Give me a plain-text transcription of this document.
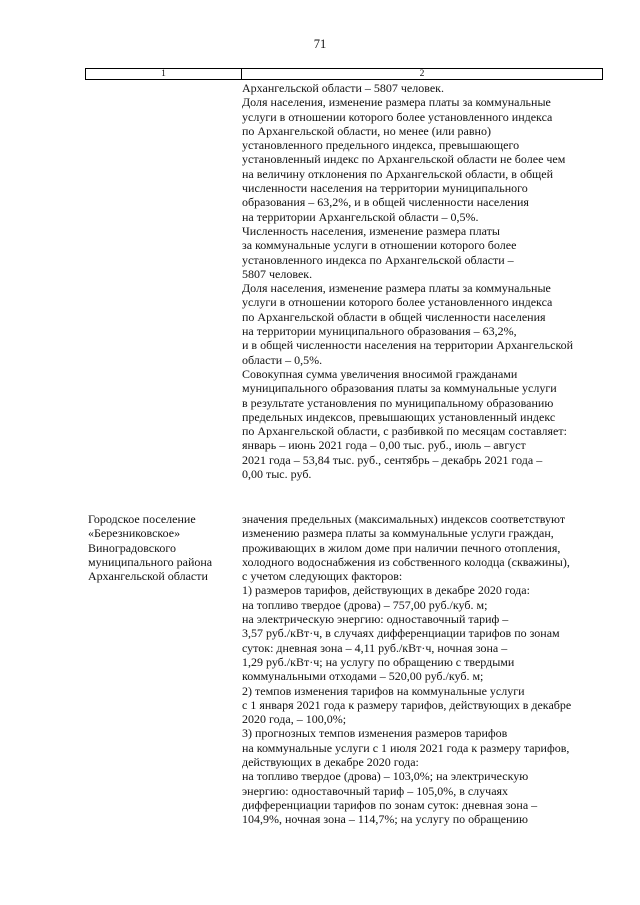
71
1	2
Архангельской области – 5807 человек.
Доля населения, изменение размера платы за коммунальные
услуги в отношении которого более установленного индекса
по Архангельской области, но менее (или равно)
установленного предельного индекса, превышающего
установленный индекс по Архангельской области не более чем
на величину отклонения по Архангельской области, в общей
численности населения на территории муниципального
образования – 63,2%, и в общей численности населения
на территории Архангельской области – 0,5%.
Численность населения, изменение размера платы
за коммунальные услуги в отношении которого более
установленного индекса по Архангельской области –
5807 человек.
Доля населения, изменение размера платы за коммунальные
услуги в отношении которого более установленного индекса
по Архангельской области в общей численности населения
на территории муниципального образования – 63,2%,
и в общей численности населения на территории Архангельской
области – 0,5%.
Совокупная сумма увеличения вносимой гражданами
муниципального образования платы за коммунальные услуги
в результате установления по муниципальному образованию
предельных индексов, превышающих установленный индекс
по Архангельской области, с разбивкой по месяцам составляет:
январь – июнь 2021 года – 0,00 тыс. руб., июль – август
2021 года – 53,84 тыс. руб., сентябрь – декабрь 2021 года –
0,00 тыс. руб.
Городское поселение
«Березниковское»
Виноградовского
муниципального района
Архангельской области
значения предельных (максимальных) индексов соответствуют
изменению размера платы за коммунальные услуги граждан,
проживающих в жилом доме при наличии печного отопления,
холодного водоснабжения из собственного колодца (скважины),
с учетом следующих факторов:
1) размеров тарифов, действующих в декабре 2020 года:
на топливо твердое (дрова) – 757,00 руб./куб. м;
на электрическую энергию: одноставочный тариф –
3,57 руб./кВт·ч, в случаях дифференциации тарифов по зонам
суток: дневная зона – 4,11 руб./кВт·ч, ночная зона –
1,29 руб./кВт·ч; на услугу по обращению с твердыми
коммунальными отходами – 520,00 руб./куб. м;
2) темпов изменения тарифов на коммунальные услуги
с 1 января 2021 года к размеру тарифов, действующих в декабре
2020 года, – 100,0%;
3) прогнозных темпов изменения размеров тарифов
на коммунальные услуги с 1 июля 2021 года к размеру тарифов,
действующих в декабре 2020 года:
на топливо твердое (дрова) – 103,0%; на электрическую
энергию: одноставочный тариф – 105,0%, в случаях
дифференциации тарифов по зонам суток: дневная зона –
104,9%, ночная зона – 114,7%; на услугу по обращению
